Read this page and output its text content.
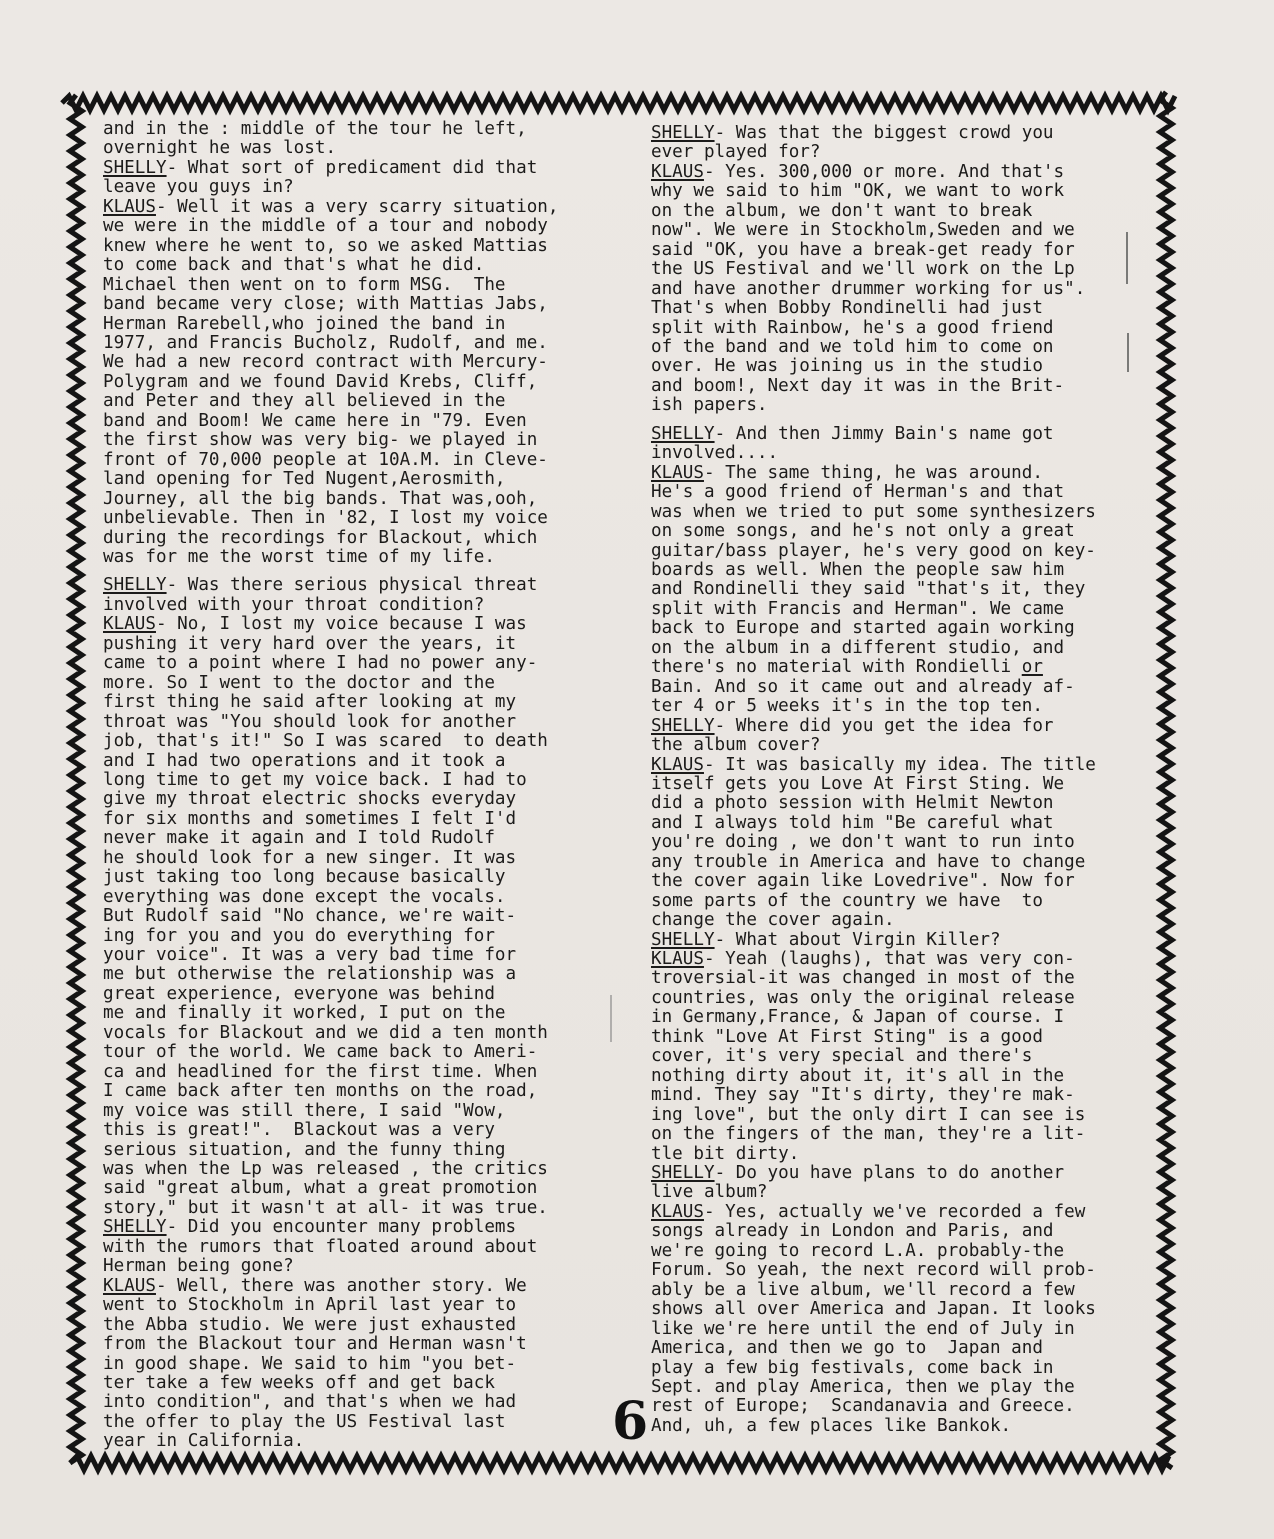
and in the : middle of the tour he left,

overnight he was lost.

SHELLY- What sort of predicament did that

leave you guys in?

KLAUS- Well it was a very scarry situation,

we were in the middle of a tour and nobody

knew where he went to, so we asked Mattias

to come back and that's what he did.

Michael then went on to form MSG.  The

band became very close; with Mattias Jabs,

Herman Rarebell,who joined the band in

1977, and Francis Bucholz, Rudolf, and me.

We had a new record contract with Mercury-

Polygram and we found David Krebs, Cliff,

and Peter and they all believed in the

band and Boom! We came here in "79. Even

the first show was very big- we played in

front of 70,000 people at 10A.M. in Cleve-

land opening for Ted Nugent,Aerosmith,

Journey, all the big bands. That was,ooh,

unbelievable. Then in '82, I lost my voice

during the recordings for Blackout, which

was for me the worst time of my life.

SHELLY- Was there serious physical threat

involved with your throat condition?

KLAUS- No, I lost my voice because I was

pushing it very hard over the years, it

came to a point where I had no power any-

more. So I went to the doctor and the

first thing he said after looking at my

throat was "You should look for another

job, that's it!" So I was scared  to death

and I had two operations and it took a

long time to get my voice back. I had to

give my throat electric shocks everyday

for six months and sometimes I felt I'd

never make it again and I told Rudolf

he should look for a new singer. It was

just taking too long because basically

everything was done except the vocals.

But Rudolf said "No chance, we're wait-

ing for you and you do everything for

your voice". It was a very bad time for

me but otherwise the relationship was a

great experience, everyone was behind

me and finally it worked, I put on the

vocals for Blackout and we did a ten month

tour of the world. We came back to Ameri-

ca and headlined for the first time. When

I came back after ten months on the road,

my voice was still there, I said "Wow,

this is great!".  Blackout was a very

serious situation, and the funny thing

was when the Lp was released , the critics

said "great album, what a great promotion

story," but it wasn't at all- it was true.

SHELLY- Did you encounter many problems

with the rumors that floated around about

Herman being gone?

KLAUS- Well, there was another story. We

went to Stockholm in April last year to

the Abba studio. We were just exhausted

from the Blackout tour and Herman wasn't

in good shape. We said to him "you bet-

ter take a few weeks off and get back

into condition", and that's when we had

the offer to play the US Festival last

year in California.

SHELLY- Was that the biggest crowd you

ever played for?

KLAUS- Yes. 300,000 or more. And that's

why we said to him "OK, we want to work

on the album, we don't want to break

now". We were in Stockholm,Sweden and we

said "OK, you have a break-get ready for

the US Festival and we'll work on the Lp

and have another drummer working for us".

That's when Bobby Rondinelli had just

split with Rainbow, he's a good friend

of the band and we told him to come on

over. He was joining us in the studio

and boom!, Next day it was in the Brit-

ish papers.

SHELLY- And then Jimmy Bain's name got

involved....

KLAUS- The same thing, he was around.

He's a good friend of Herman's and that

was when we tried to put some synthesizers

on some songs, and he's not only a great

guitar/bass player, he's very good on key-

boards as well. When the people saw him

and Rondinelli they said "that's it, they

split with Francis and Herman". We came

back to Europe and started again working

on the album in a different studio, and

there's no material with Rondielli or

Bain. And so it came out and already af-

ter 4 or 5 weeks it's in the top ten.

SHELLY- Where did you get the idea for

the album cover?

KLAUS- It was basically my idea. The title

itself gets you Love At First Sting. We

did a photo session with Helmit Newton

and I always told him "Be careful what

you're doing , we don't want to run into

any trouble in America and have to change

the cover again like Lovedrive". Now for

some parts of the country we have  to

change the cover again.

SHELLY- What about Virgin Killer?

KLAUS- Yeah (laughs), that was very con-

troversial-it was changed in most of the

countries, was only the original release

in Germany,France, & Japan of course. I

think "Love At First Sting" is a good

cover, it's very special and there's

nothing dirty about it, it's all in the

mind. They say "It's dirty, they're mak-

ing love", but the only dirt I can see is

on the fingers of the man, they're a lit-

tle bit dirty.

SHELLY- Do you have plans to do another

live album?

KLAUS- Yes, actually we've recorded a few

songs already in London and Paris, and

we're going to record L.A. probably-the

Forum. So yeah, the next record will prob-

ably be a live album, we'll record a few

shows all over America and Japan. It looks

like we're here until the end of July in

America, and then we go to  Japan and

play a few big festivals, come back in

Sept. and play America, then we play the

rest of Europe;  Scandanavia and Greece.

And, uh, a few places like Bankok.

6
